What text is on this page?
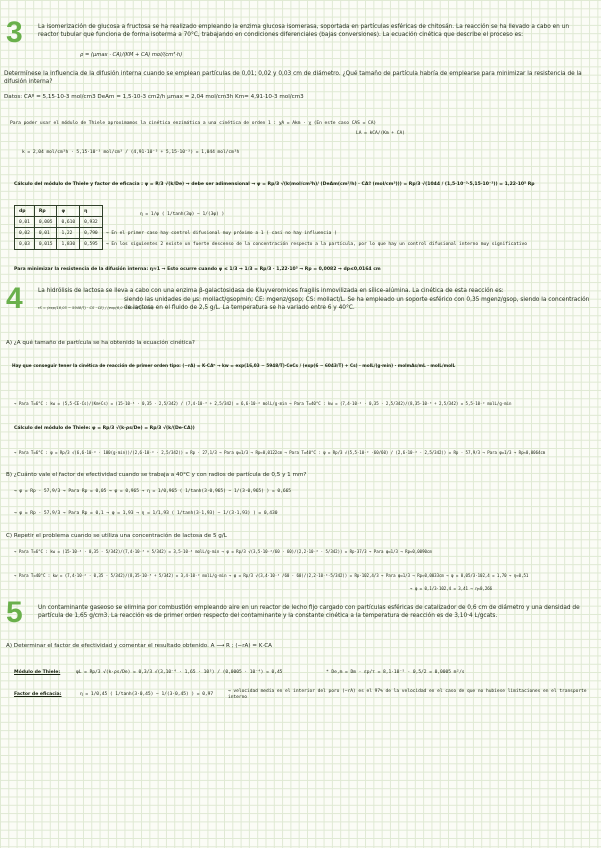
3	La isomerización de glucosa a fructosa se ha realizado empleando la enzima glucosa isomerasa, soportada en partículas esféricas de chitosán. La reacción se ha llevado a cabo en un reactor tubular que funciona de forma isoterma a 70°C, trabajando en condiciones diferenciales (bajas conversiones). La ecuación cinética que describe el proceso es:
ρ = (μmax · CA)/(KM + CA) mol/(cm³·h)
Determínese la influencia de la difusión interna cuando se emplean partículas de 0,01; 0,02 y 0,03 cm de diámetro. ¿Qué tamaño de partícula habría de emplearse para minimizar la resistencia de la difusión interna?
Datos: CAº = 5,15·10-3 mol/cm3 DeAm = 1,5·10-3 cm2/h μmax = 2,04 mol/cm3h Km= 4,91·10-3 mol/cm3
Para poder usar el módulo de Thiele aproximamos la cinética enzimática a una cinética de orden 1 : ꭓA = Akm · ꭓ (En este caso CAS = CA)
LA = kCA/(Km + CA)
k = 2,04 mol/cm³h · 5,15·10⁻³ mol/cm³ / (4,91·10⁻³ + 5,15·10⁻³) = 1,044 mol/cm³h
Cálculo del módulo de Thiele y factor de eficacia : φ = R/3 √(k/De) → debe ser adimensional → φ = Rp/3 √(k(mol/cm³h)/ (DeAm(cm²/h) · CAº (mol/cm³))) = Rp/3 √(1044 / (1,5·10⁻³·5,15·10⁻³)) = 1,22·10⁵ Rp
dp	Rp	φ	η
0,01	0,005	0,610	0,932
0,02	0,01	1,22	0,790
0,03	0,015	1,830	0,595
η = 1/φ ( 1/tanh(3φ) − 1/(3φ) )
→ En el primer caso hay control difusional muy próximo a 1 ( casi no hay influencia )
→ En los siguientes 2 existe un fuerte descenso de la concentración respecto a la partícula, por lo que hay un control difusional interno muy significativo
Para minimizar la resistencia de la difusión interna: η≈1 → Esto ocurre cuando φ ≤ 1/3 → 1/3 = Rp/3 · 1,22·10⁵ → Rp = 0,0082 → dp≤0,0164 cm
4	La hidrólisis de lactosa se lleva a cabo con una enzima β-galactosidasa de Kluyveromices fragilis inmovilizada en sílice-alúmina. La cinética de esta reacción es:
rS = (exp(16,03 − 5948/T) · CS · CE) / (exp(6,0 − 6043/T) + CS)
siendo las unidades de μs: mollact/gsopmin; CE: mgenz/gsop; CS: mollact/L. Se ha empleado un soporte esférico con 0,35 mgenz/gsop, siendo la concentración de lactosa en el fluido de 2,5 g/L. La temperatura se ha variado entre 6 y 40°C.
A) ¿A qué tamaño de partícula se ha obtenido la ecuación cinética?
Hay que conseguir tener la cinética de reacción de primer orden tipo: (−rA) = K·CAⁿ → kw = exp(16,03 − 5948/T)·CeCs / (exp(6 − 6043/T) + Cs) · molL/(g·min) · molmAs/mL · molL/molL
→ Para T=6°C : kw = (5,5·CE·Cs)/(Km+Cs) = (15·10⁻⁴ · 0,35 · 2,5/342) / (7,4·10⁻³ + 2,5/342) = 6,6·10⁻⁴ molL/g·min → Para T=40°C : kw = (7,4·10⁻² · 0,35 · 2,5/342)/(8,35·10⁻³ + 2,5/342) = 5,5·10⁻² molL/g·min
Cálculo del módulo de Thiele: φ = Rp/3 √(k·ρs/De) = Rp/3 √(k/(De·CA))
→ Para T=6°C : φ = Rp/3 √(6,6·10⁻⁴ · 100(g·min))/(2,6·10⁻⁴ · 2,5/342)) = Rp · 27,1/3 → Para φ=1/3 → Rp≈0,0122cm → Para T=40°C : φ = Rp/3 √(5,5·10⁻² ·60/60) / (2,6·10⁻⁴ · 2,5/342)) = Rp · 57,9/3 → Para φ=1/3 → Rp≈0,0064cm
B) ¿Cuánto vale el factor de efectividad cuando se trabaja a 40°C y con radios de partícula de 0,5 y 1 mm?
→ φ = Rp · 57,9/3 → Para Rp = 0,05 → φ = 0,965 → η = 1/0,965 ( 1/tanh(3·0,965) − 1/(3·0,965) ) = 0,665
→ φ = Rp · 57,9/3 → Para Rp = 0,1 → φ = 1,93 → η = 1/1,93 ( 1/tanh(3·1,93) − 1/(3·1,93) ) = 0,430
C) Repetir el problema cuando se utiliza una concentración de lactosa de 5 g/L
→ Para T=6°C : kw = (15·10⁻⁴ · 0,35 · 5/342)/(7,4·10⁻³ + 5/342) = 3,5·10⁻⁴ molL/g·min → φ = Rp/3 √(3,5·10⁻⁴/60 · 60)/(2,2·10⁻⁴ · 5/342)) = Rp·37/3 → Para φ=1/3 → Rp≈0,0090cm
→ Para T=40°C : kw = (7,4·10⁻² · 0,35 · 5/342)/(8,35·10⁻³ + 5/342) = 3,4·10⁻² molL/g·min → φ = Rp/3 √(3,4·10⁻² /60 · 60)/(2,2·10⁻⁴·5/342)) = Rp·102,4/3 → Para φ=1/3 → Rp≈0,0033cm → φ = 0,05/3·102,4 = 1,70 → η≈0,51
→ φ = 0,1/3·102,4 = 3,41 → η≈0,266
5	Un contaminante gaseoso se elimina por combustión empleando aire en un reactor de lecho fijo cargado con partículas esféricas de catalizador de 0,6 cm de diámetro y una densidad de partícula de 1,65 g/cm3. La reacción es de primer orden respecto del contaminante y la constante cinética a la temperatura de reacción es de 3,10·4 L/gcats.
A) Determinar el factor de efectividad y comentar el resultado obtenido. A ⟶ R ; (−rA) = K·CA
Módulo de Thiele:	φL = Rp/3 √(k·ρs/De) = 0,3/3 √(3,10⁻⁴ · 1,65 · 10³) / (0,0005 · 10⁻⁴) = 0,45	* De,m = Dm · εp/τ = 8,1·10⁻⁵ · 0,5/2 = 0,0005 m²/s
Factor de eficacia:	η = 1/0,45 ( 1/tanh(3·0,45) − 1/(3·0,45) ) = 0,97
→ velocidad media en el interior del poro (−rA) es el 97% de la velocidad en el caso de que no hubiese limitaciones en el transporte interno
